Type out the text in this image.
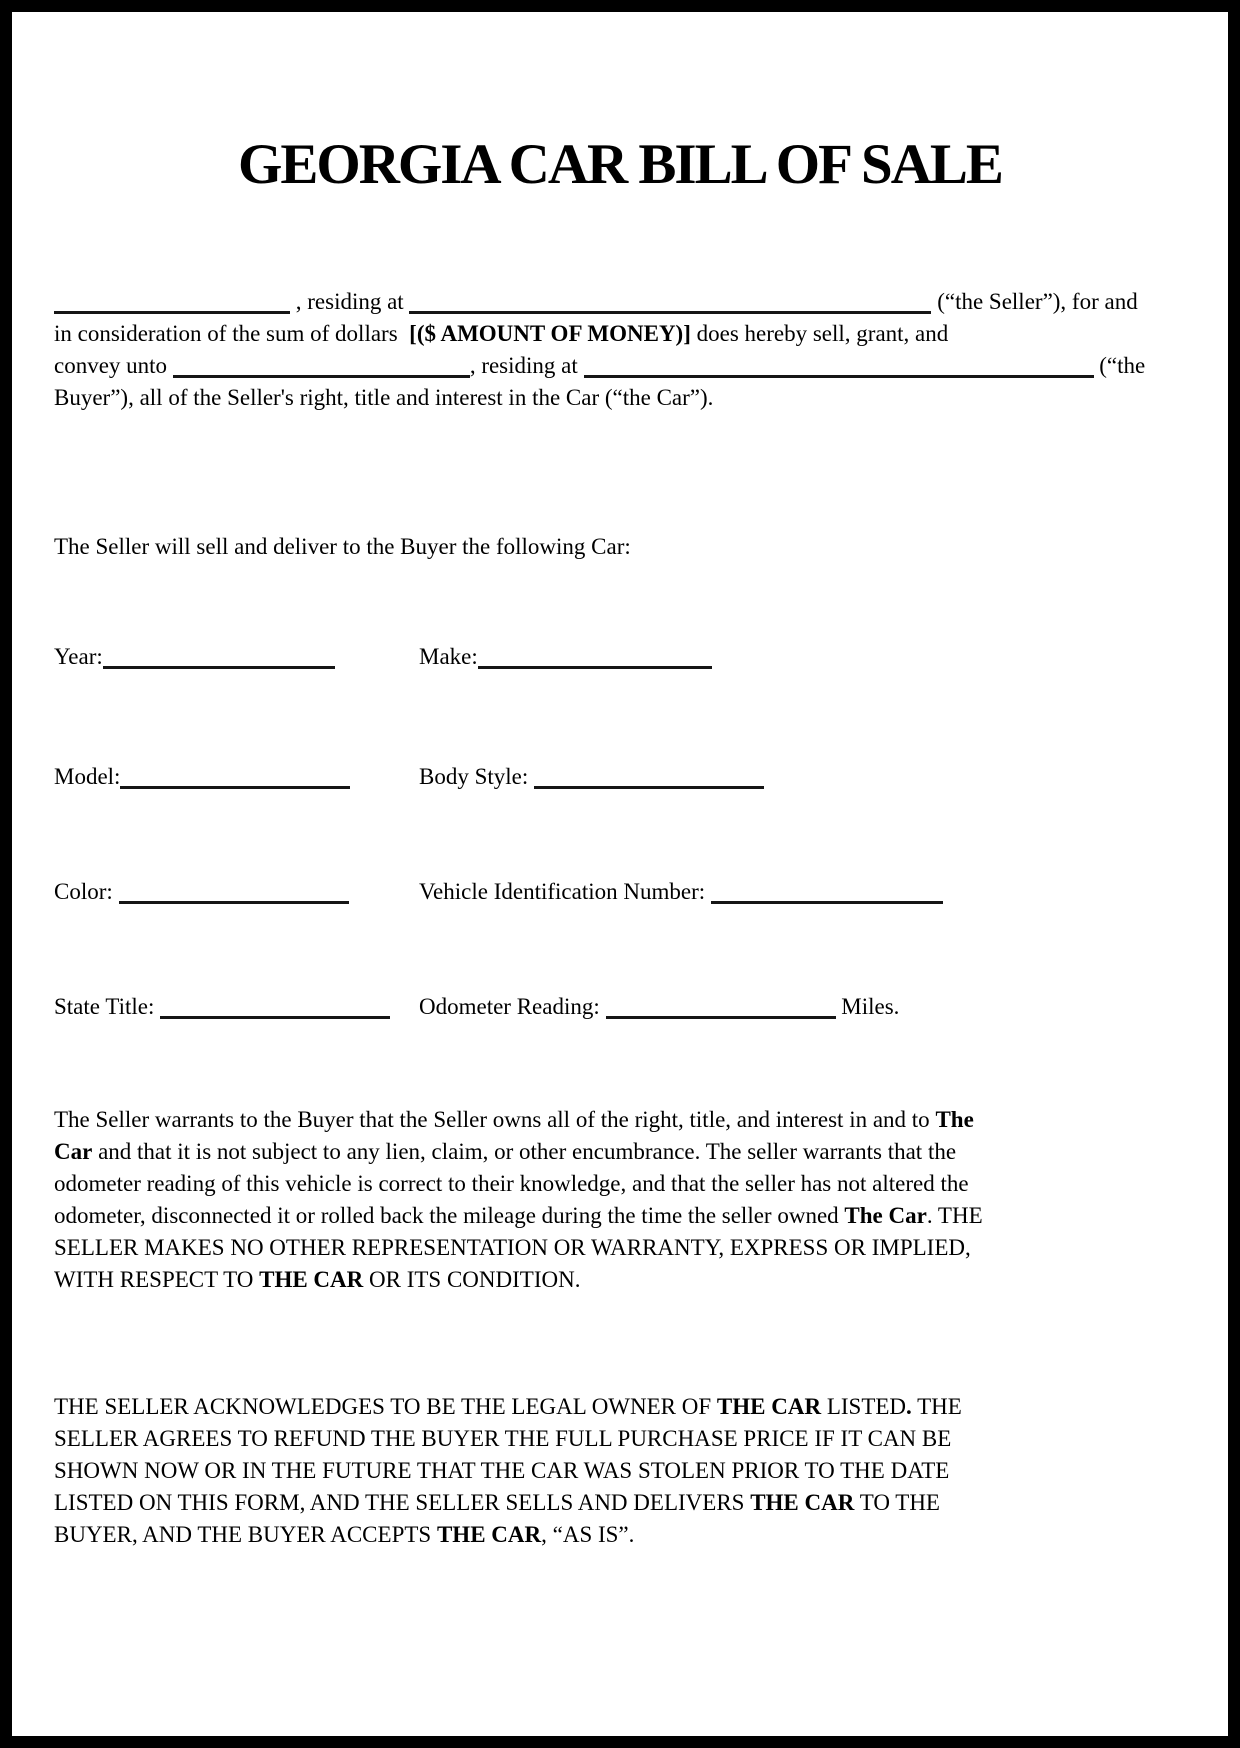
GEORGIA CAR BILL OF SALE
, residing at	(“the Seller”), for and
in consideration of the sum of dollars  [($ AMOUNT OF MONEY)] does hereby sell, grant, and
convey unto	, residing at	(“the
Buyer”), all of the Seller's right, title and interest in the Car (“the Car”).
The Seller will sell and deliver to the Buyer the following Car:
Year:	Make:
Model:	Body Style:
Color:	Vehicle Identification Number:
State Title:	Odometer Reading:	Miles.
The Seller warrants to the Buyer that the Seller owns all of the right, title, and interest in and to The
Car and that it is not subject to any lien, claim, or other encumbrance. The seller warrants that the
odometer reading of this vehicle is correct to their knowledge, and that the seller has not altered the
odometer, disconnected it or rolled back the mileage during the time the seller owned The Car. THE
SELLER MAKES NO OTHER REPRESENTATION OR WARRANTY, EXPRESS OR IMPLIED,
WITH RESPECT TO THE CAR OR ITS CONDITION.
THE SELLER ACKNOWLEDGES TO BE THE LEGAL OWNER OF THE CAR LISTED. THE
SELLER AGREES TO REFUND THE BUYER THE FULL PURCHASE PRICE IF IT CAN BE
SHOWN NOW OR IN THE FUTURE THAT THE CAR WAS STOLEN PRIOR TO THE DATE
LISTED ON THIS FORM, AND THE SELLER SELLS AND DELIVERS THE CAR TO THE
BUYER, AND THE BUYER ACCEPTS THE CAR, “AS IS”.
